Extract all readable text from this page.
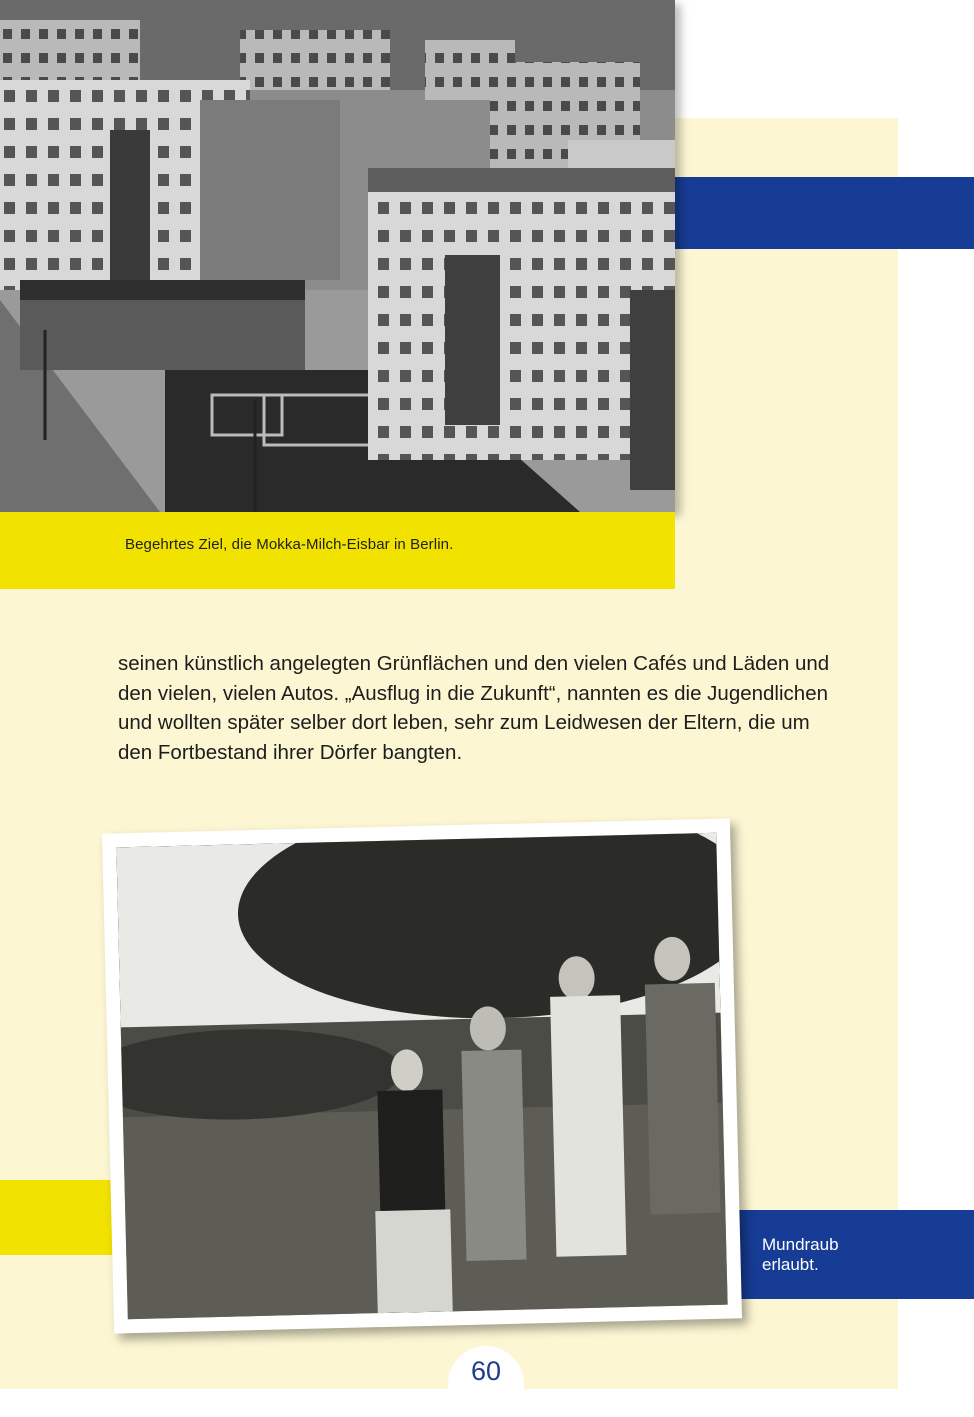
Begehrtes Ziel, die Mokka-Milch-Eisbar in Berlin.

seinen künstlich angelegten Grünflächen und den vielen Cafés und Läden und

den vielen, vielen Autos. „Ausflug in die Zukunft“, nannten es die Jugendlichen

und wollten später selber dort leben, sehr zum Leidwesen der Eltern, die um

den Fortbestand ihrer Dörfer bangten.

Mundraub
erlaubt.
60
